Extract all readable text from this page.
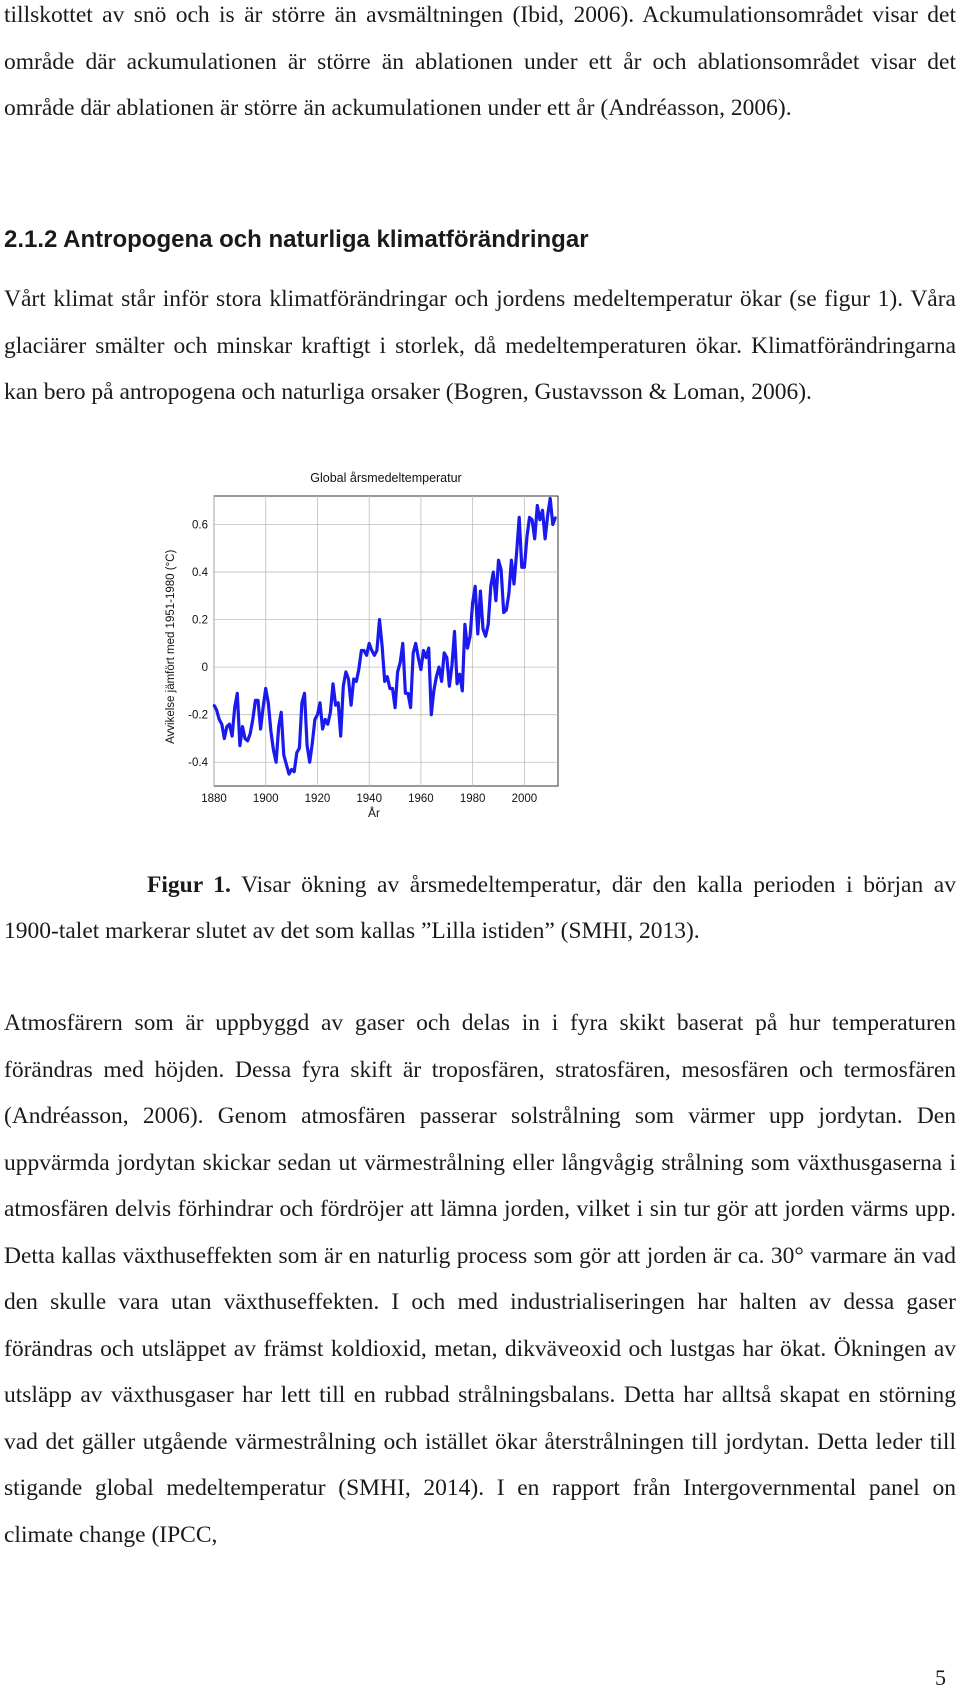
tillskottet av snö och is är större än avsmältningen (Ibid, 2006). Ackumulationsområdet visar det område där ackumulationen är större än ablationen under ett år och ablationsområdet visar det område där ablationen är större än ackumulationen under ett år (Andréasson, 2006).

2.1.2 Antropogena och naturliga klimatförändringar

Vårt klimat står inför stora klimatförändringar och jordens medeltemperatur ökar (se figur 1). Våra glaciärer smälter och minskar kraftigt i storlek, då medeltemperaturen ökar. Klimatförändringarna kan bero på antropogena och naturliga orsaker (Bogren, Gustavsson & Loman, 2006).

Global årsmedeltemperatur
1880 1900 1920 1940 1960 1980 2000
-0.4
-0.2
0
0.2
0.4
0.6
År
Avvikelse jämfört med 1951-1980 (°C)

Figur 1. Visar ökning av årsmedeltemperatur, där den kalla perioden i början av 1900-talet markerar slutet av det som kallas ”Lilla istiden” (SMHI, 2013).

Atmosfärern som är uppbyggd av gaser och delas in i fyra skikt baserat på hur temperaturen förändras med höjden. Dessa fyra skift är troposfären, stratosfären, mesosfären och termosfären (Andréasson, 2006). Genom atmosfären passerar solstrålning som värmer upp jordytan. Den uppvärmda jordytan skickar sedan ut värmestrålning eller långvågig strålning som växthusgaserna i atmosfären delvis förhindrar och fördröjer att lämna jorden, vilket i sin tur gör att jorden värms upp. Detta kallas växthuseffekten som är en naturlig process som gör att jorden är ca. 30° varmare än vad den skulle vara utan växthuseffekten. I och med industrialiseringen har halten av dessa gaser förändras och utsläppet av främst koldioxid, metan, dikväveoxid och lustgas har ökat. Ökningen av utsläpp av växthusgaser har lett till en rubbad strålningsbalans. Detta har alltså skapat en störning vad det gäller utgående värmestrålning och istället ökar återstrålningen till jordytan. Detta leder till stigande global medeltemperatur (SMHI, 2014). I en rapport från Intergovernmental panel on climate change (IPCC,

5
